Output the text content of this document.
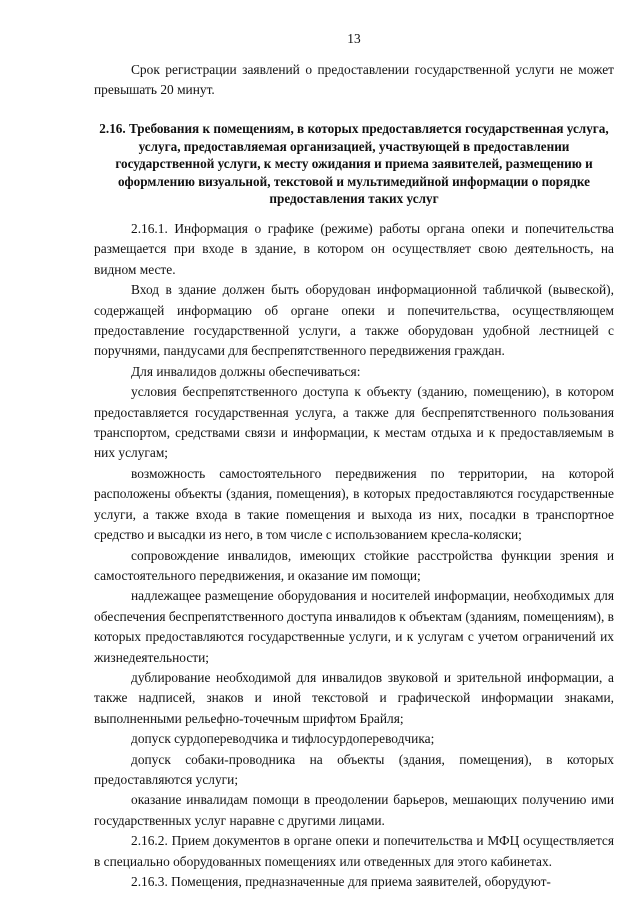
13

Срок регистрации заявлений о предоставлении государственной услуги не может превышать 20 минут.

2.16. Требования к помещениям, в которых предоставляется государственная услуга, услуга, предоставляемая организацией, участвующей в предоставлении государственной услуги, к месту ожидания и приема заявителей, размещению и оформлению визуальной, текстовой и мультимедийной информации о порядке предоставления таких услуг

2.16.1. Информация о графике (режиме) работы органа опеки и попечительства размещается при входе в здание, в котором он осуществляет свою деятельность, на видном месте.

Вход в здание должен быть оборудован информационной табличкой (вывеской), содержащей информацию об органе опеки и попечительства, осуществляющем предоставление государственной услуги, а также оборудован удобной лестницей с поручнями, пандусами для беспрепятственного передвижения граждан.

Для инвалидов должны обеспечиваться:

условия беспрепятственного доступа к объекту (зданию, помещению), в котором предоставляется государственная услуга, а также для беспрепятственного пользования транспортом, средствами связи и информации, к местам отдыха и к предоставляемым в них услугам;

возможность самостоятельного передвижения по территории, на которой расположены объекты (здания, помещения), в которых предоставляются государственные услуги, а также входа в такие помещения и выхода из них, посадки в транспортное средство и высадки из него, в том числе с использованием кресла-коляски;

сопровождение инвалидов, имеющих стойкие расстройства функции зрения и самостоятельного передвижения, и оказание им помощи;

надлежащее размещение оборудования и носителей информации, необходимых для обеспечения беспрепятственного доступа инвалидов к объектам (зданиям, помещениям), в которых предоставляются государственные услуги, и к услугам с учетом ограничений их жизнедеятельности;

дублирование необходимой для инвалидов звуковой и зрительной информации, а также надписей, знаков и иной текстовой и графической информации знаками, выполненными рельефно-точечным шрифтом Брайля;

допуск сурдопереводчика и тифлосурдопереводчика;

допуск собаки-проводника на объекты (здания, помещения), в которых предоставляются услуги;

оказание инвалидам помощи в преодолении барьеров, мешающих получению ими государственных услуг наравне с другими лицами.

2.16.2. Прием документов в органе опеки и попечительства и МФЦ осуществляется в специально оборудованных помещениях или отведенных для этого кабинетах.

2.16.3. Помещения, предназначенные для приема заявителей, оборудуют-
